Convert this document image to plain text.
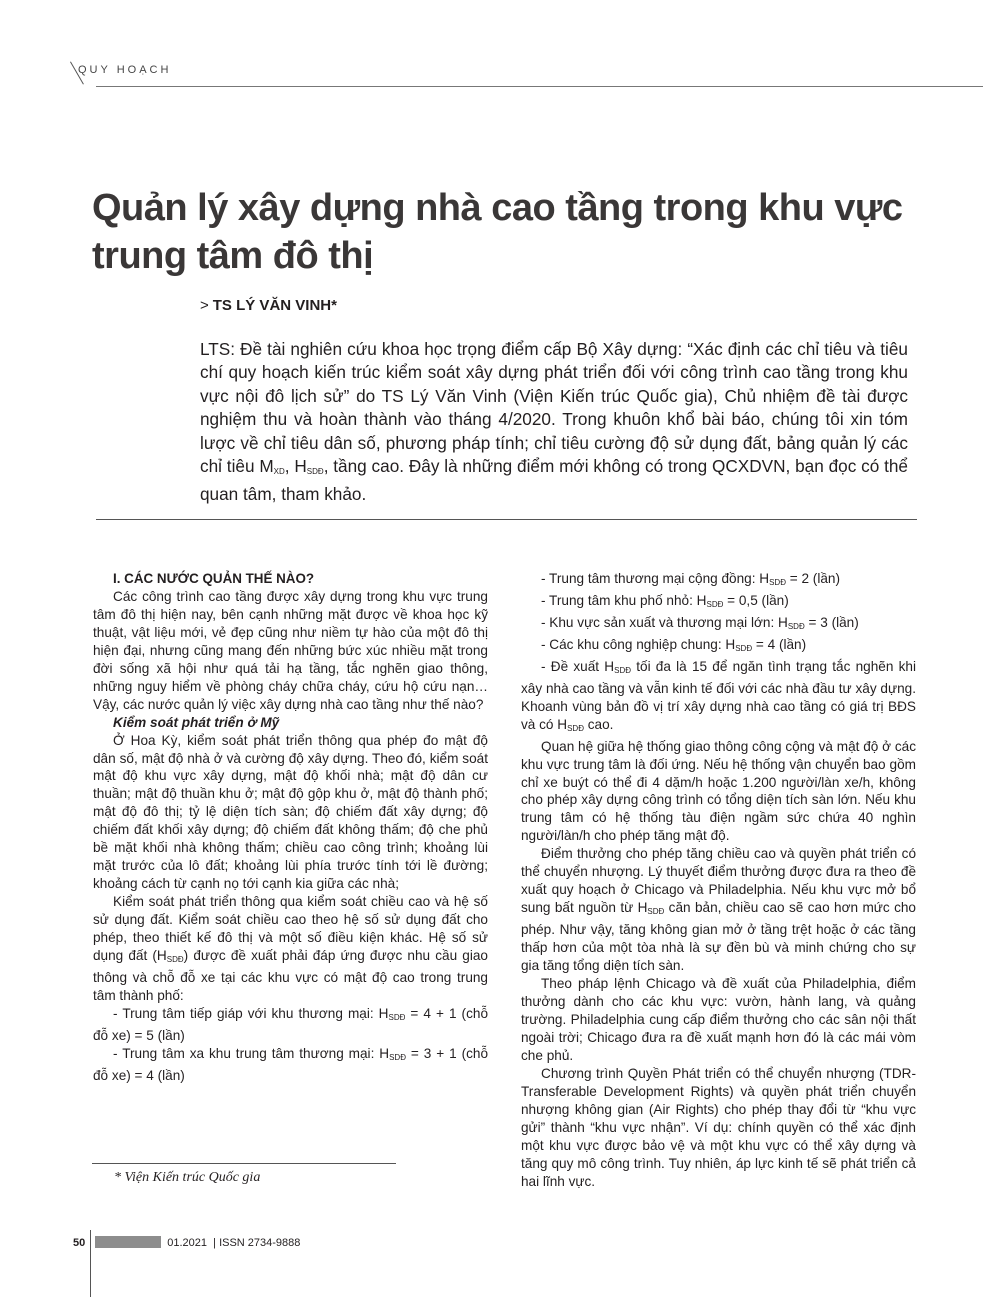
QUY HOẠCH
Quản lý xây dựng nhà cao tầng trong khu vực trung tâm đô thị
> TS LÝ VĂN VINH*

LTS: Đề tài nghiên cứu khoa học trọng điểm cấp Bộ Xây dựng: “Xác định các chỉ tiêu và tiêu chí quy hoạch kiến trúc kiểm soát xây dựng phát triển đối với công trình cao tầng trong khu vực nội đô lịch sử” do TS Lý Văn Vinh (Viện Kiến trúc Quốc gia), Chủ nhiệm đề tài được nghiệm thu và hoàn thành vào tháng 4/2020. Trong khuôn khổ bài báo, chúng tôi xin tóm lược về chỉ tiêu dân số, phương pháp tính; chỉ tiêu cường độ sử dụng đất, bảng quản lý các chỉ tiêu $M_{XD}$, $H_{SDĐ}$, tầng cao. Đây là những điểm mới không có trong QCXDVN, bạn đọc có thể quan tâm, tham khảo.

I. CÁC NƯỚC QUẢN THẾ NÀO?

Các công trình cao tầng được xây dựng trong khu vực trung tâm đô thị hiện nay, bên cạnh những mặt được về khoa học kỹ thuật, vật liệu mới, vẻ đẹp cũng như niềm tự hào của một đô thị hiện đại, nhưng cũng mang đến những bức xúc nhiều mặt trong đời sống xã hội như quá tải hạ tầng, tắc nghẽn giao thông, những nguy hiểm về phòng cháy chữa cháy, cứu hộ cứu nạn… Vậy, các nước quản lý việc xây dựng nhà cao tầng như thế nào?

Kiểm soát phát triển ở Mỹ

Ở Hoa Kỳ, kiểm soát phát triển thông qua phép đo mật độ dân số, mật độ nhà ở và cường độ xây dựng. Theo đó, kiểm soát mật độ khu vực xây dựng, mật độ khối nhà; mật độ dân cư thuần; mật độ thuần khu ở; mật độ gộp khu ở, mật độ thành phố; mật độ đô thị; tỷ lệ diện tích sàn; độ chiếm đất xây dựng; độ chiếm đất khối xây dựng; độ chiếm đất không thấm; độ che phủ bề mặt khối nhà không thấm; chiều cao công trình; khoảng lùi mặt trước của lô đất; khoảng lùi phía trước tính tới lề đường; khoảng cách từ cạnh nọ tới cạnh kia giữa các nhà;

Kiểm soát phát triển thông qua kiểm soát chiều cao và hệ số sử dụng đất. Kiểm soát chiều cao theo hệ số sử dụng đất cho phép, theo thiết kế đô thị và một số điều kiện khác. Hệ số sử dụng đất $(H_{SDĐ})$ được đề xuất phải đáp ứng được nhu cầu giao thông và chỗ đỗ xe tại các khu vực có mật độ cao trong trung tâm thành phố:

- Trung tâm tiếp giáp với khu thương mại: $H_{SDĐ} = 4 + 1$ (chỗ đỗ xe) = 5 (lần)

- Trung tâm xa khu trung tâm thương mại: $H_{SDĐ} = 3 + 1$ (chỗ đỗ xe) = 4 (lần)

- Trung tâm thương mại cộng đồng: $H_{SDĐ} = 2$ (lần)

- Trung tâm khu phố nhỏ: $H_{SDĐ} = 0,5$ (lần)

- Khu vực sản xuất và thương mại lớn: $H_{SDĐ} = 3$ (lần)

- Các khu công nghiệp chung: $H_{SDĐ} = 4$ (lần)

- Đề xuất $H_{SDĐ}$ tối đa là 15 để ngăn tình trạng tắc nghẽn khi xây nhà cao tầng và vẫn kinh tế đối với các nhà đầu tư xây dựng. Khoanh vùng bản đồ vị trí xây dựng nhà cao tầng có giá trị BĐS và có $H_{SDĐ}$ cao.

Quan hệ giữa hệ thống giao thông công cộng và mật độ ở các khu vực trung tâm là đối ứng. Nếu hệ thống vận chuyển bao gồm chỉ xe buýt có thể đi 4 dặm/h hoặc 1.200 người/làn xe/h, không cho phép xây dựng công trình có tổng diện tích sàn lớn. Nếu khu trung tâm có hệ thống tàu điện ngầm sức chứa 40 nghìn người/làn/h cho phép tăng mật độ.

Điểm thưởng cho phép tăng chiều cao và quyền phát triển có thể chuyển nhượng. Lý thuyết điểm thưởng được đưa ra theo đề xuất quy hoạch ở Chicago và Philadelphia. Nếu khu vực mở bổ sung bất nguồn từ $H_{SDĐ}$ căn bản, chiều cao sẽ cao hơn mức cho phép. Như vậy, tăng không gian mở ở tầng trệt hoặc ở các tầng thấp hơn của một tòa nhà là sự đền bù và minh chứng cho sự gia tăng tổng diện tích sàn.

Theo pháp lệnh Chicago và đề xuất của Philadelphia, điểm thưởng dành cho các khu vực: vườn, hành lang, và quảng trường. Philadelphia cung cấp điểm thưởng cho các sân nội thất ngoài trời; Chicago đưa ra đề xuất mạnh hơn đó là các mái vòm che phủ.

Chương trình Quyền Phát triển có thể chuyển nhượng (TDR-Transferable Development Rights) và quyền phát triển chuyển nhượng không gian (Air Rights) cho phép thay đổi từ “khu vực gửi” thành “khu vực nhận”. Ví dụ: chính quyền có thể xác định một khu vực được bảo vệ và một khu vực có thể xây dựng và tăng quy mô công trình. Tuy nhiên, áp lực kinh tế sẽ phát triển cả hai lĩnh vực.

* Viện Kiến trúc Quốc gia
50	01.2021 | ISSN 2734-9888
